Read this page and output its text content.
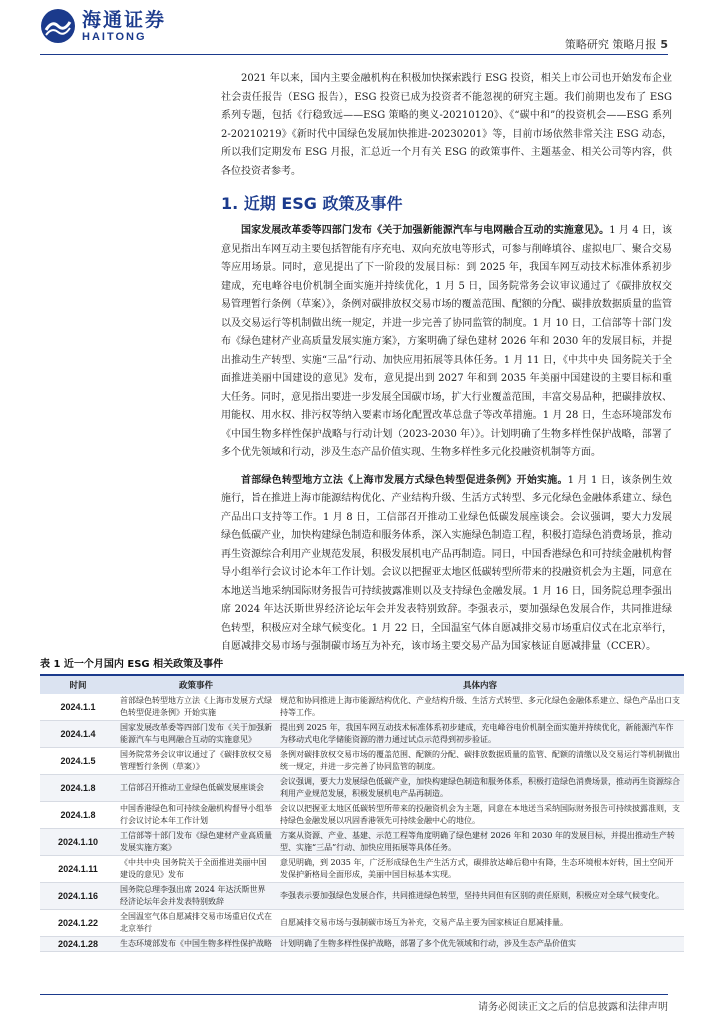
海通证券
HAITONG
策略研究 策略月报 5

2021 年以来，国内主要金融机构在积极加快探索践行 ESG 投资，相关上市公司也开始发布企业社会责任报告（ESG 报告），ESG 投资已成为投资者不能忽视的研究主题。我们前期也发布了 ESG 系列专题，包括《行稳致远——ESG 策略的奥义-20210120》、《“碳中和”的投资机会——ESG 系列 2-20210219》《新时代中国绿色发展加快推进-20230201》等，目前市场依然非常关注 ESG 动态，所以我们定期发布 ESG 月报，汇总近一个月有关 ESG 的政策事件、主题基金、相关公司等内容，供各位投资者参考。

1. 近期 ESG 政策及事件

国家发展改革委等四部门发布《关于加强新能源汽车与电网融合互动的实施意见》。1 月 4 日，该意见指出车网互动主要包括智能有序充电、双向充放电等形式，可参与削峰填谷、虚拟电厂、聚合交易等应用场景。同时，意见提出了下一阶段的发展目标：到 2025 年，我国车网互动技术标准体系初步建成，充电峰谷电价机制全面实施并持续优化，1 月 5 日，国务院常务会议审议通过了《碳排放权交易管理暂行条例（草案）》，条例对碳排放权交易市场的覆盖范围、配额的分配、碳排放数据质量的监管以及交易运行等机制做出统一规定，并进一步完善了协同监管的制度。1 月 10 日，工信部等十部门发布《绿色建材产业高质量发展实施方案》，方案明确了绿色建材 2026 年和 2030 年的发展目标，并提出推动生产转型、实施“三品”行动、加快应用拓展等具体任务。1 月 11 日，《中共中央 国务院关于全面推进美丽中国建设的意见》发布，意见提出到 2027 年和到 2035 年美丽中国建设的主要目标和重大任务。同时，意见指出要进一步发展全国碳市场，扩大行业覆盖范围，丰富交易品种，把碳排放权、用能权、用水权、排污权等纳入要素市场化配置改革总盘子等改革措施。1 月 28 日，生态环境部发布《中国生物多样性保护战略与行动计划（2023-2030 年）》。计划明确了生物多样性保护战略，部署了多个优先领域和行动，涉及生态产品价值实现、生物多样性多元化投融资机制等方面。

首部绿色转型地方立法《上海市发展方式绿色转型促进条例》开始实施。1 月 1 日，该条例生效施行，旨在推进上海市能源结构优化、产业结构升级、生活方式转型、多元化绿色金融体系建立、绿色产品出口支持等工作。1 月 8 日，工信部召开推动工业绿色低碳发展座谈会。会议强调，要大力发展绿色低碳产业，加快构建绿色制造和服务体系，深入实施绿色制造工程，积极打造绿色消费场景，推动再生资源综合利用产业规范发展，积极发展机电产品再制造。同日，中国香港绿色和可持续金融机构督导小组举行会议讨论本年工作计划。会议以把握亚太地区低碳转型所带来的投融资机会为主题，同意在本地送当地采纳国际财务报告可持续披露准则以及支持绿色金融发展。1 月 16 日，国务院总理李强出席 2024 年达沃斯世界经济论坛年会并发表特别致辞。李强表示，要加强绿色发展合作，共同推进绿色转型，积极应对全球气候变化。1 月 22 日，全国温室气体自愿减排交易市场重启仪式在北京举行，自愿减排交易市场与强制碳市场互为补充，该市场主要交易产品为国家核证自愿减排量（CCER）。

表 1 近一个月国内 ESG 相关政策及事件
时间	政策事件	具体内容
2024.1.1	首部绿色转型地方立法《上海市发展方式绿色转型促进条例》开始实施	规范和协同推进上海市能源结构优化、产业结构升级、生活方式转型、多元化绿色金融体系建立、绿色产品出口支持等工作。
2024.1.4	国家发展改革委等四部门发布《关于加强新能源汽车与电网融合互动的实施意见》	提出到 2025 年，我国车网互动技术标准体系初步建成，充电峰谷电价机制全面实施并持续优化，新能源汽车作为移动式电化学储能资源的潜力通过试点示范得到初步验证。
2024.1.5	国务院常务会议审议通过了《碳排放权交易管理暂行条例（草案）》	条例对碳排放权交易市场的覆盖范围、配额的分配、碳排放数据质量的监管、配额的清缴以及交易运行等机制做出统一规定，并进一步完善了协同监管的制度。
2024.1.8	工信部召开推动工业绿色低碳发展座谈会	会议强调，要大力发展绿色低碳产业，加快构建绿色制造和服务体系，积极打造绿色消费场景，推动再生资源综合利用产业规范发展，积极发展机电产品再制造。
2024.1.8	中国香港绿色和可持续金融机构督导小组举行会议讨论本年工作计划	会议以把握亚太地区低碳转型所带来的投融资机会为主题，同意在本地送当采纳国际财务报告可持续披露准则，支持绿色金融发展以巩固香港领先可持续金融中心的地位。
2024.1.10	工信部等十部门发布《绿色建材产业高质量发展实施方案》	方案从资源、产业、基建、示范工程等角度明确了绿色建材 2026 年和 2030 年的发展目标，并提出推动生产转型、实施“三品”行动、加快应用拓展等具体任务。
2024.1.11	《中共中央 国务院关于全面推进美丽中国建设的意见》发布	意见明确，到 2035 年，广泛形成绿色生产生活方式，碳排放达峰后稳中有降，生态环境根本好转，国土空间开发保护新格局全面形成，美丽中国目标基本实现。
2024.1.16	国务院总理李强出席 2024 年达沃斯世界经济论坛年会并发表特别致辞	李强表示要加强绿色发展合作，共同推进绿色转型，坚持共同但有区别的责任原则，积极应对全球气候变化。
2024.1.22	全国温室气体自愿减排交易市场重启仪式在北京举行	自愿减排交易市场与强制碳市场互为补充，交易产品主要为国家核证自愿减排量。
2024.1.28	生态环境部发布《中国生物多样性保护战略	计划明确了生物多样性保护战略，部署了多个优先领域和行动，涉及生态产品价值实
请务必阅读正文之后的信息披露和法律声明
